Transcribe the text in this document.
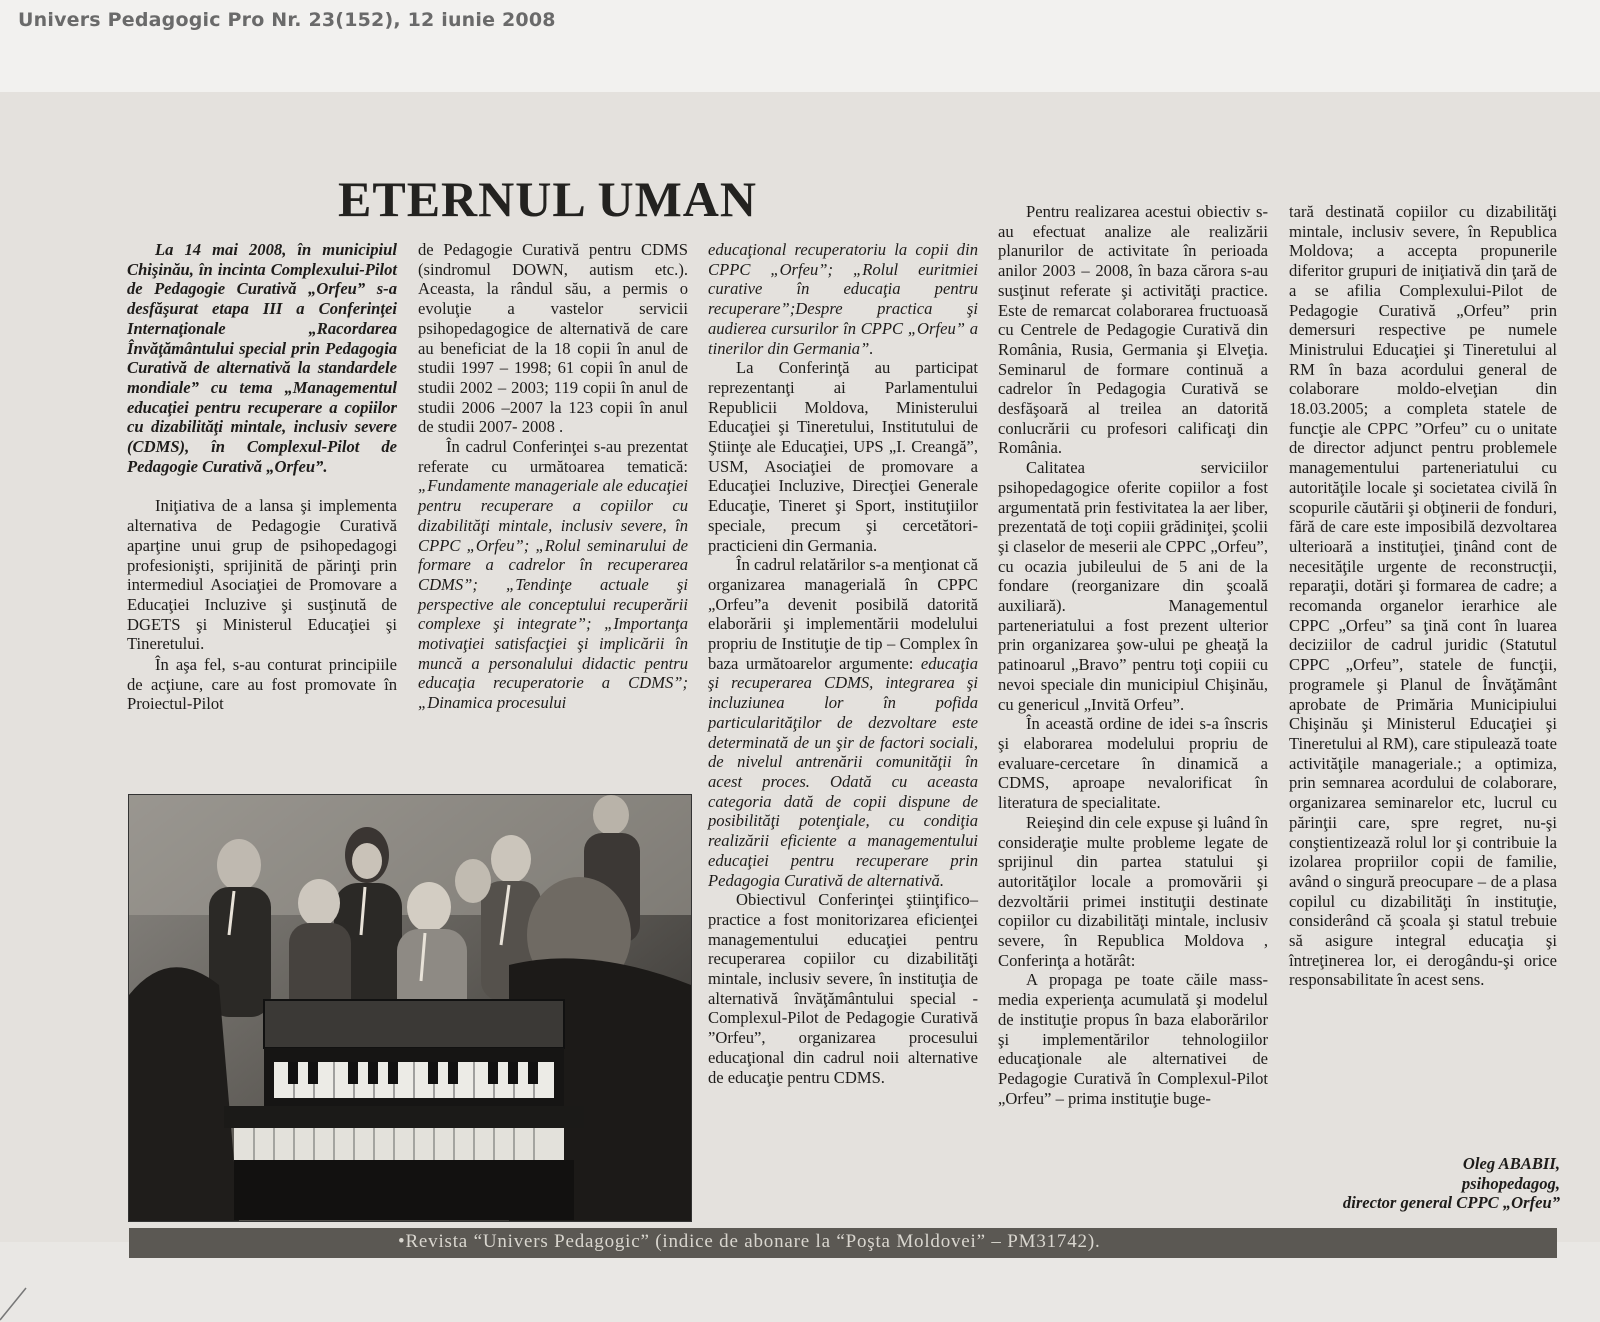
Univers Pedagogic Pro Nr. 23(152), 12 iunie 2008
ETERNUL UMAN

La 14 mai 2008, în municipiul Chişinău, în incinta Complexului-Pilot de Pedagogie Curativă „Orfeu” s-a desfăşurat etapa III a Conferinţei Internaţionale „Racordarea Învăţământului special prin Pedagogia Curativă de alternativă la standardele mondiale” cu tema „Managementul educaţiei pentru recuperare a copiilor cu dizabilităţi mintale, inclusiv severe (CDMS), în Complexul-Pilot de Pedagogie Curativă „Orfeu”.

Iniţiativa de a lansa şi implementa alternativa de Pedagogie Curativă aparţine unui grup de psihopedagogi profesionişti, sprijinită de părinţi prin intermediul Asociaţiei de Promovare a Educaţiei Incluzive şi susţinută de DGETS şi Ministerul Educaţiei şi Tineretului.

În aşa fel, s-au conturat principiile de acţiune, care au fost promovate în Proiectul-Pilot

de Pedagogie Curativă pentru CDMS (sindromul DOWN, autism etc.). Aceasta, la rândul său, a permis o evoluţie a vastelor servicii psihopedagogice de alternativă de care au beneficiat de la 18 copii în anul de studii 1997 – 1998; 61 copii în anul de studii 2002 – 2003; 119 copii în anul de studii 2006 –2007 la 123 copii în anul de studii 2007- 2008 .

În cadrul Conferinţei s-au prezentat referate cu următoarea tematică: „Fundamente manageriale ale educaţiei pentru recuperare a copiilor cu dizabilităţi mintale, inclusiv severe, în CPPC „Orfeu”; „Rolul seminarului de formare a cadrelor în recuperarea CDMS”; „Tendinţe actuale şi perspective ale conceptului recuperării complexe şi integrate”; „Importanţa motivaţiei satisfacţiei şi implicării în muncă a personalului didactic pentru educaţia recuperatorie a CDMS”; „Dinamica procesului

educaţional recuperatoriu la copii din CPPC „Orfeu”; „Rolul euritmiei curative în educaţia pentru recuperare”;Despre practica şi audierea cursurilor în CPPC „Orfeu” a tinerilor din Germania”.

La Conferinţă au participat reprezentanţi ai Parlamentului Republicii Moldova, Ministerului Educaţiei şi Tineretului, Institutului de Ştiinţe ale Educaţiei, UPS „I. Creangă”, USM, Asociaţiei de promovare a Educaţiei Incluzive, Direcţiei Generale Educaţie, Tineret şi Sport, instituţiilor speciale, precum şi cercetători-practicieni din Germania.

În cadrul relatărilor s-a menţionat că organizarea managerială în CPPC „Orfeu”a devenit posibilă datorită elaborării şi implementării modelului propriu de Instituţie de tip – Complex în baza următoarelor argumente: educaţia şi recuperarea CDMS, integrarea şi incluziunea lor în pofida particularităţilor de dezvoltare este determinată de un şir de factori sociali, de nivelul antrenării comunităţii în acest proces. Odată cu aceasta categoria dată de copii dispune de posibilităţi potenţiale, cu condiţia realizării eficiente a managementului educaţiei pentru recuperare prin Pedagogia Curativă de alternativă.

Obiectivul Conferinţei ştiinţifico–practice a fost monitorizarea eficienţei managementului educaţiei pentru recuperarea copiilor cu dizabilităţi mintale, inclusiv severe, în instituţia de alternativă învăţământului special - Complexul-Pilot de Pedagogie Curativă ”Orfeu”, organizarea procesului educaţional din cadrul noii alternative de educaţie pentru CDMS.

Pentru realizarea acestui obiectiv s-au efectuat analize ale realizării planurilor de activitate în perioada anilor 2003 – 2008, în baza cărora s-au susţinut referate şi activităţi practice. Este de remarcat colaborarea fructuoasă cu Centrele de Pedagogie Curativă din România, Rusia, Germania şi Elveţia. Seminarul de formare continuă a cadrelor în Pedagogia Curativă se desfăşoară al treilea an datorită conlucrării cu profesori calificaţi din România.

Calitatea serviciilor psihopedagogice oferite copiilor a fost argumentată prin festivitatea la aer liber, prezentată de toţi copiii grădiniţei, şcolii şi claselor de meserii ale CPPC „Orfeu”, cu ocazia jubileului de 5 ani de la fondare (reorganizare din şcoală auxiliară). Managementul parteneriatului a fost prezent ulterior prin organizarea şow-ului pe gheaţă la patinoarul „Bravo” pentru toţi copiii cu nevoi speciale din municipiul Chişinău, cu genericul „Invită Orfeu”.

În această ordine de idei s-a înscris şi elaborarea modelului propriu de evaluare-cercetare în dinamică a CDMS, aproape nevalorificat în literatura de specialitate.

Reieşind din cele expuse şi luând în consideraţie multe probleme legate de sprijinul din partea statului şi autorităţilor locale a promovării şi dezvoltării primei instituţii destinate copiilor cu dizabilităţi mintale, inclusiv severe, în Republica Moldova , Conferinţa a hotărât:

A propaga pe toate căile mass-media experienţa acumulată şi modelul de instituţie propus în baza elaborărilor şi implementărilor tehnologiilor educaţionale ale alternativei de Pedagogie Curativă în Complexul-Pilot „Orfeu” – prima instituţie buge-

tară destinată copiilor cu dizabilităţi mintale, inclusiv severe, în Republica Moldova; a accepta propunerile diferitor grupuri de iniţiativă din ţară de a se afilia Complexului-Pilot de Pedagogie Curativă „Orfeu” prin demersuri respective pe numele Ministrului Educaţiei şi Tineretului al RM în baza acordului general de colaborare moldo-elveţian din 18.03.2005; a completa statele de funcţie ale CPPC ”Orfeu” cu o unitate de director adjunct pentru problemele managementului parteneriatului cu autorităţile locale şi societatea civilă în scopurile căutării şi obţinerii de fonduri, fără de care este imposibilă dezvoltarea ulterioară a instituţiei, ţinând cont de necesităţile urgente de reconstrucţii, reparaţii, dotări şi formarea de cadre; a recomanda organelor ierarhice ale CPPC „Orfeu” sa ţină cont în luarea deciziilor de cadrul juridic (Statutul CPPC „Orfeu”, statele de funcţii, programele şi Planul de Învăţământ aprobate de Primăria Municipiului Chişinău şi Ministerul Educaţiei şi Tineretului al RM), care stipulează toate activităţile manageriale.; a optimiza, prin semnarea acordului de colaborare, organizarea seminarelor etc, lucrul cu părinţii care, spre regret, nu-şi conştientizează rolul lor şi contribuie la izolarea propriilor copii de familie, având o singură preocupare – de a plasa copilul cu dizabilităţi în instituţie, considerând că şcoala şi statul trebuie să asigure integral educaţia şi întreţinerea lor, ei derogându-şi orice responsabilitate în acest sens.

Oleg ABABII,
psihopedagog,
director general CPPC „Orfeu”
•Revista “Univers Pedagogic” (indice de abonare la “Poşta Moldovei” – PM31742).
